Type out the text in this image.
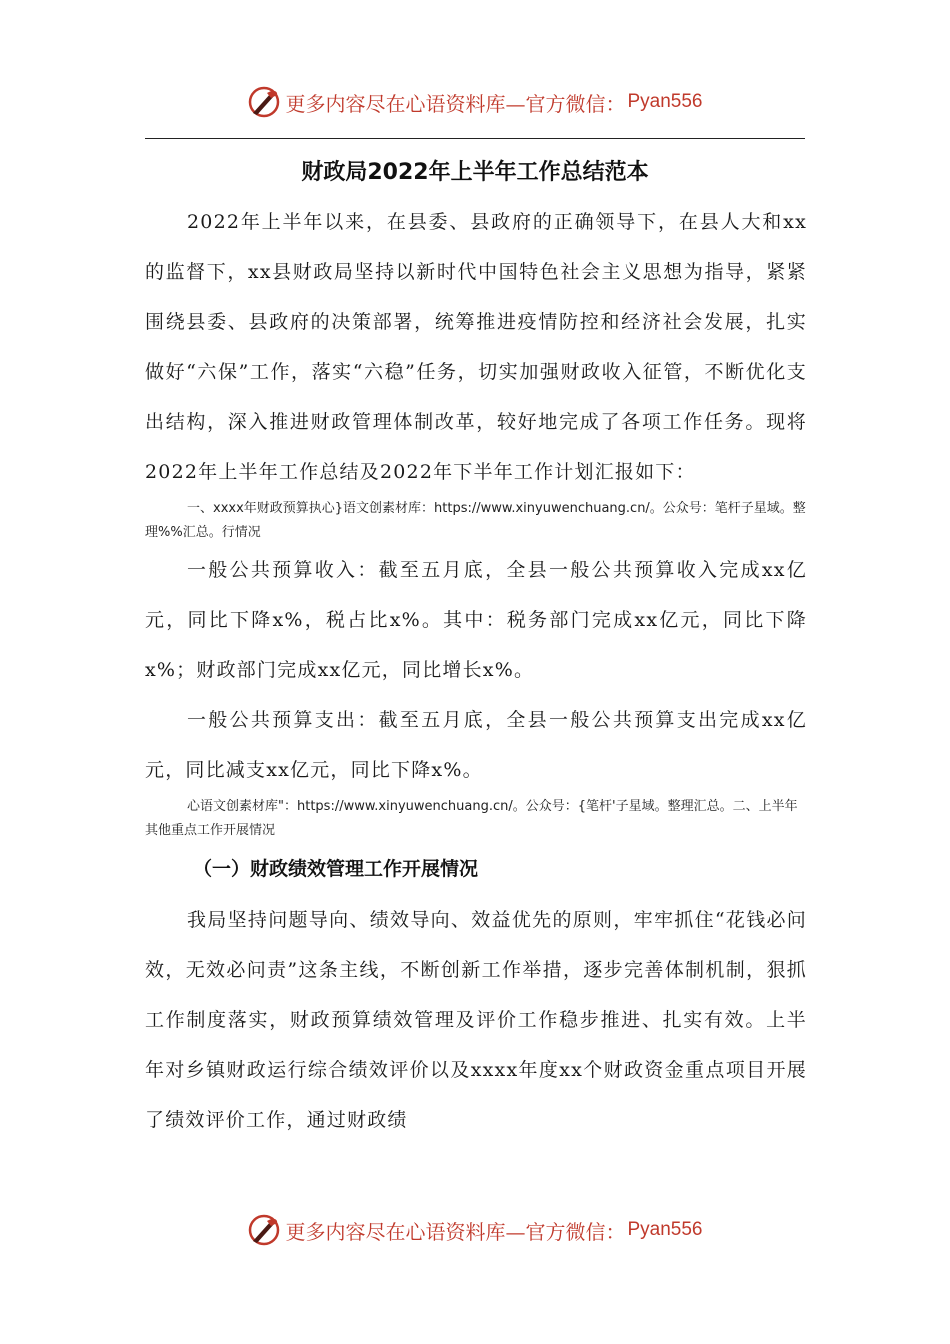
更多内容尽在心语资料库—官方微信： Pyan556
财政局2022年上半年工作总结范本

2022年上半年以来，在县委、县政府的正确领导下，在县人大和xx的监督下，xx县财政局坚持以新时代中国特色社会主义思想为指导，紧紧围绕县委、县政府的决策部署，统筹推进疫情防控和经济社会发展，扎实做好“六保”工作，落实“六稳”任务，切实加强财政收入征管，不断优化支出结构，深入推进财政管理体制改革，较好地完成了各项工作任务。现将2022年上半年工作总结及2022年下半年工作计划汇报如下：

一、xxxx年财政预算执心}语文创素材库：https://www.xinyuwenchuang.cn/。公众号：笔杆子星域。整理%%汇总。行情况

一般公共预算收入：截至五月底，全县一般公共预算收入完成xx亿元，同比下降x%，税占比x%。其中：税务部门完成xx亿元，同比下降x%；财政部门完成xx亿元，同比增长x%。

一般公共预算支出：截至五月底，全县一般公共预算支出完成xx亿元，同比减支xx亿元，同比下降x%。

心语文创素材库"：https://www.xinyuwenchuang.cn/。公众号：{笔杆'子星域。整理汇总。二、上半年其他重点工作开展情况

（一）财政绩效管理工作开展情况

我局坚持问题导向、绩效导向、效益优先的原则，牢牢抓住“花钱必问效，无效必问责”这条主线，不断创新工作举措，逐步完善体制机制，狠抓工作制度落实，财政预算绩效管理及评价工作稳步推进、扎实有效。上半年对乡镇财政运行综合绩效评价以及xxxx年度xx个财政资金重点项目开展了绩效评价工作，通过财政绩

更多内容尽在心语资料库—官方微信： Pyan556
